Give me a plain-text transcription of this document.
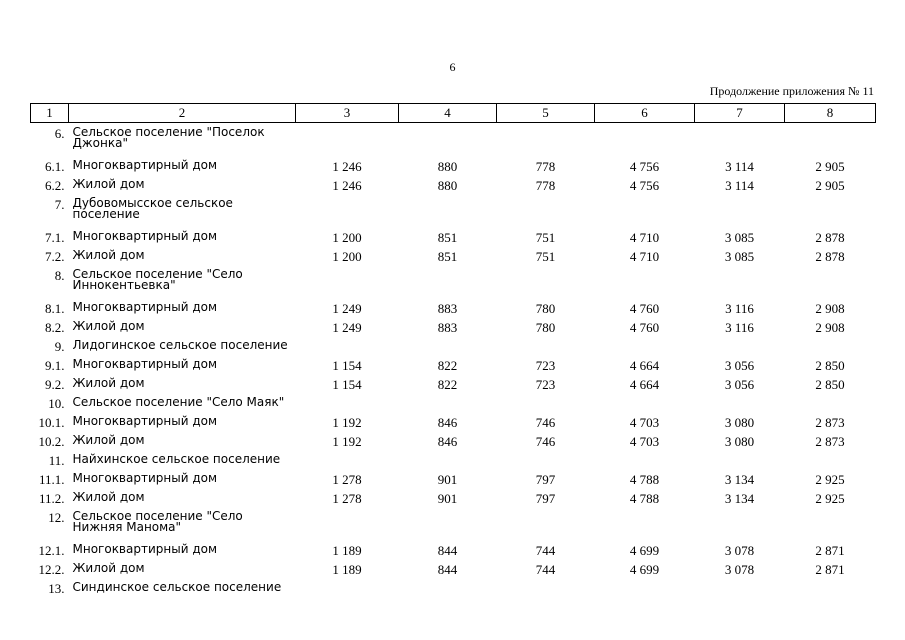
6
Продолжение приложения № 11
1	2	3	4	5	6	7	8
6.	Сельское поселение "Поселок Джонка"						
6.1.	Многоквартирный дом	1 246	880	778	4 756	3 114	2 905
6.2.	Жилой дом	1 246	880	778	4 756	3 114	2 905
7.	Дубовомысское сельское поселение						
7.1.	Многоквартирный дом	1 200	851	751	4 710	3 085	2 878
7.2.	Жилой дом	1 200	851	751	4 710	3 085	2 878
8.	Сельское поселение "Село Иннокентьевка"						
8.1.	Многоквартирный дом	1 249	883	780	4 760	3 116	2 908
8.2.	Жилой дом	1 249	883	780	4 760	3 116	2 908
9.	Лидогинское сельское поселение						
9.1.	Многоквартирный дом	1 154	822	723	4 664	3 056	2 850
9.2.	Жилой дом	1 154	822	723	4 664	3 056	2 850
10.	Сельское поселение "Село Маяк"						
10.1.	Многоквартирный дом	1 192	846	746	4 703	3 080	2 873
10.2.	Жилой дом	1 192	846	746	4 703	3 080	2 873
11.	Найхинское сельское поселение						
11.1.	Многоквартирный дом	1 278	901	797	4 788	3 134	2 925
11.2.	Жилой дом	1 278	901	797	4 788	3 134	2 925
12.	Сельское поселение "Село Нижняя Манома"						
12.1.	Многоквартирный дом	1 189	844	744	4 699	3 078	2 871
12.2.	Жилой дом	1 189	844	744	4 699	3 078	2 871
13.	Синдинское сельское поселение						
